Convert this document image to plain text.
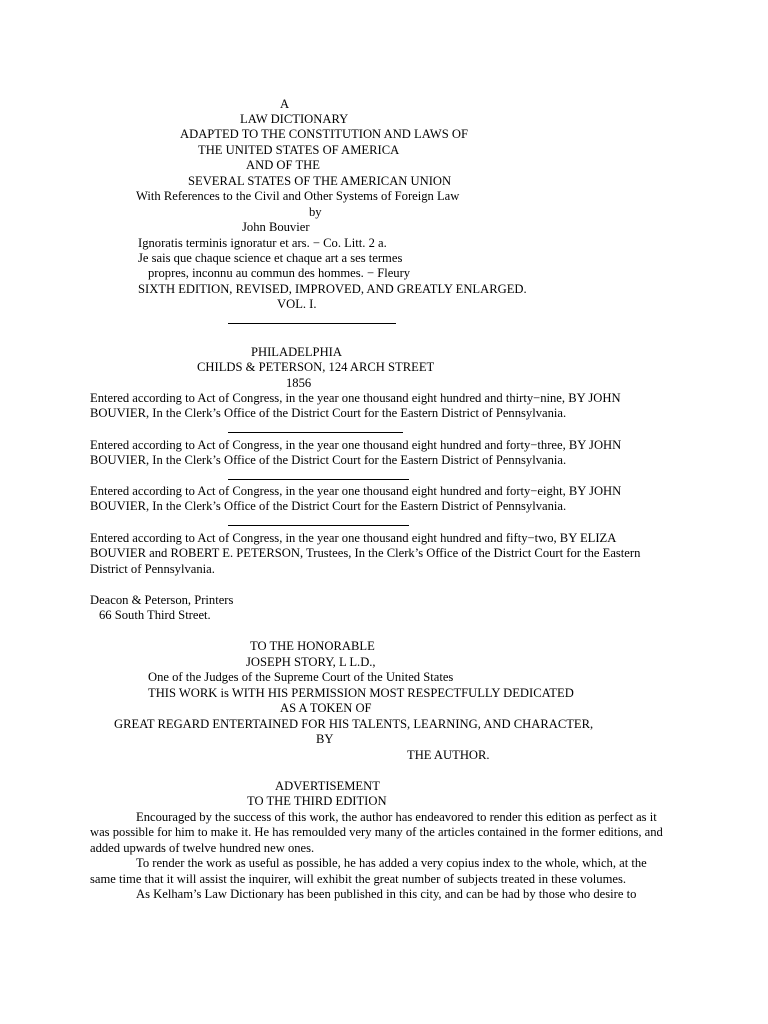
A
LAW DICTIONARY
ADAPTED TO THE CONSTITUTION AND LAWS OF
THE UNITED STATES OF AMERICA
AND OF THE
SEVERAL STATES OF THE AMERICAN UNION
With References to the Civil and Other Systems of Foreign Law
by
John Bouvier
Ignoratis terminis ignoratur et ars. − Co. Litt. 2 a.
Je sais que chaque science et chaque art a ses termes
propres, inconnu au commun des hommes. − Fleury
SIXTH EDITION, REVISED, IMPROVED, AND GREATLY ENLARGED.
VOL. I.
PHILADELPHIA
CHILDS & PETERSON, 124 ARCH STREET
1856
Entered according to Act of Congress, in the year one thousand eight hundred and thirty−nine, BY JOHN
BOUVIER, In the Clerk’s Office of the District Court for the Eastern District of Pennsylvania.
Entered according to Act of Congress, in the year one thousand eight hundred and forty−three, BY JOHN
BOUVIER, In the Clerk’s Office of the District Court for the Eastern District of Pennsylvania.
Entered according to Act of Congress, in the year one thousand eight hundred and forty−eight, BY JOHN
BOUVIER, In the Clerk’s Office of the District Court for the Eastern District of Pennsylvania.
Entered according to Act of Congress, in the year one thousand eight hundred and fifty−two, BY ELIZA
BOUVIER and ROBERT E. PETERSON, Trustees, In the Clerk’s Office of the District Court for the Eastern
District of Pennsylvania.
Deacon & Peterson, Printers
66 South Third Street.
TO THE HONORABLE
JOSEPH STORY, L L.D.,
One of the Judges of the Supreme Court of the United States
THIS WORK is WITH HIS PERMISSION MOST RESPECTFULLY DEDICATED
AS A TOKEN OF
GREAT REGARD ENTERTAINED FOR HIS TALENTS, LEARNING, AND CHARACTER,
BY
THE AUTHOR.
ADVERTISEMENT
TO THE THIRD EDITION
Encouraged by the success of this work, the author has endeavored to render this edition as perfect as it
was possible for him to make it. He has remoulded very many of the articles contained in the former editions, and
added upwards of twelve hundred new ones.
To render the work as useful as possible, he has added a very copius index to the whole, which, at the
same time that it will assist the inquirer, will exhibit the great number of subjects treated in these volumes.
As Kelham’s Law Dictionary has been published in this city, and can be had by those who desire to
